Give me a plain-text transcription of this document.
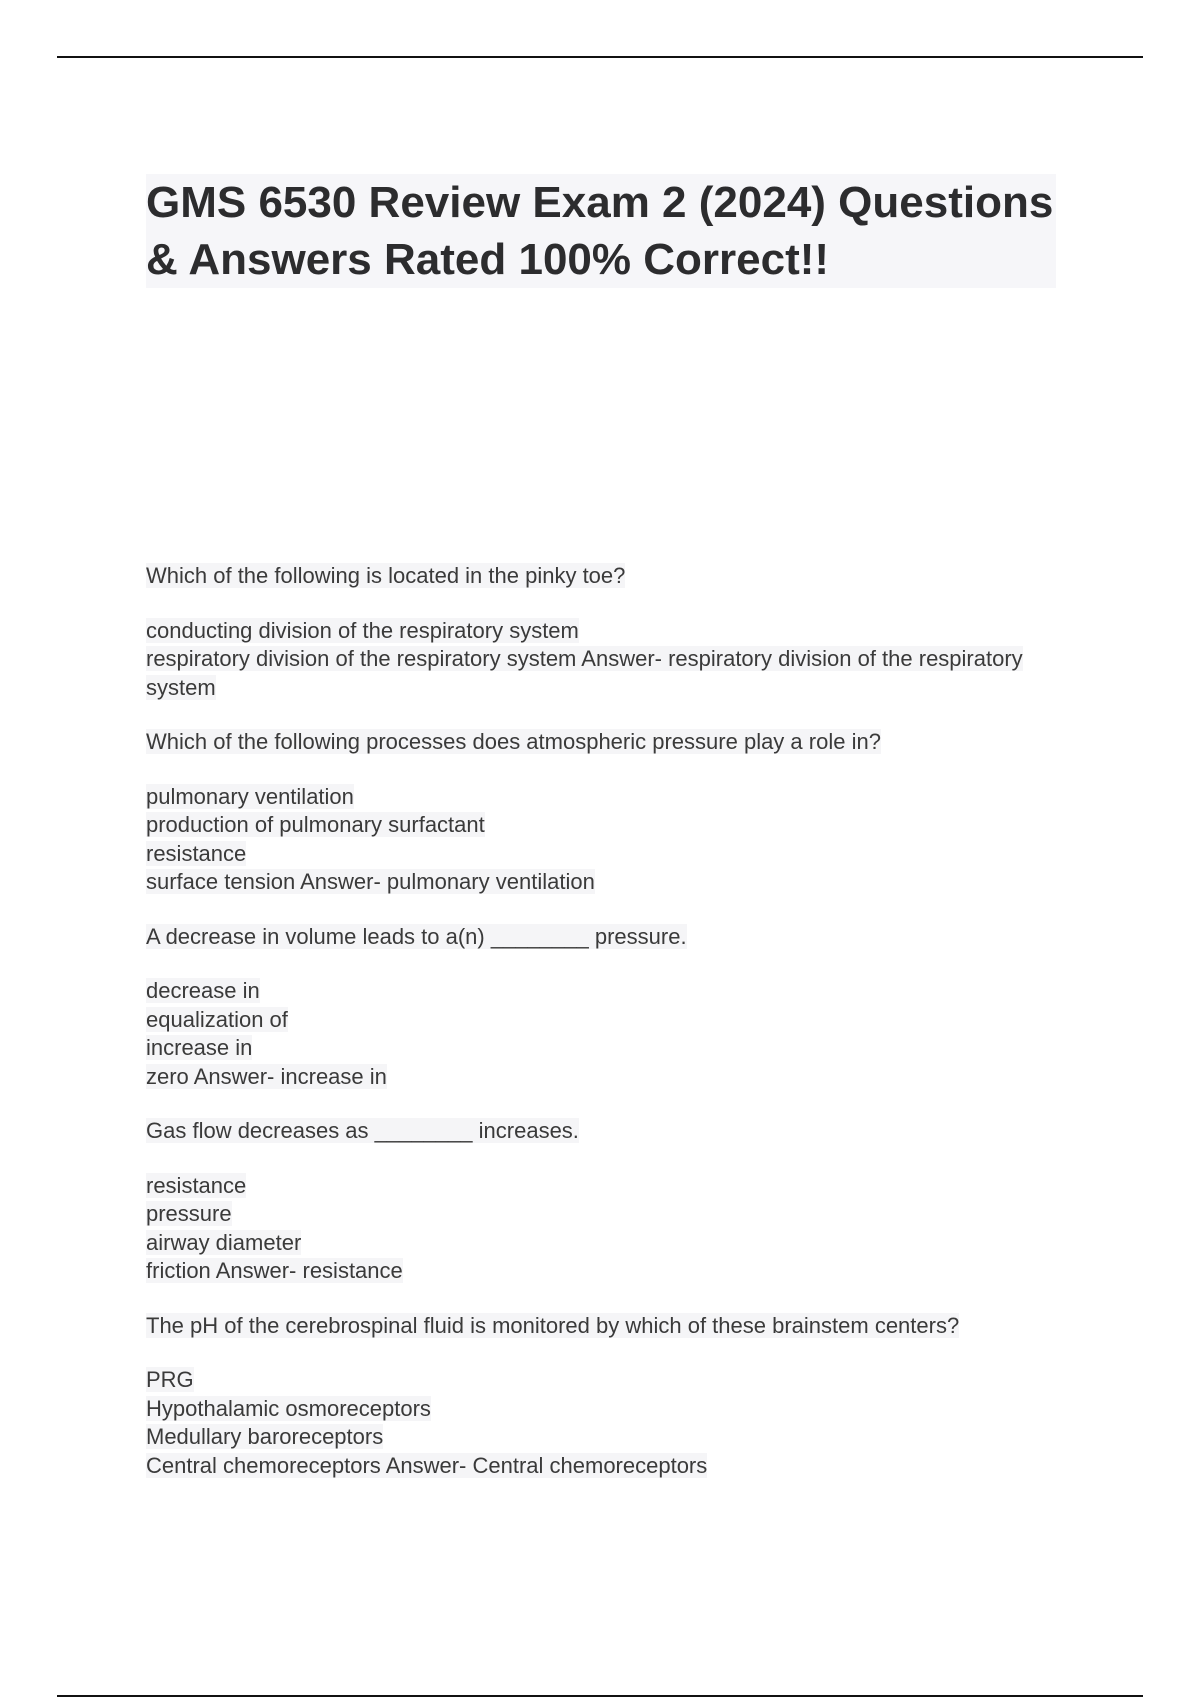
GMS 6530 Review Exam 2 (2024) Questions & Answers Rated 100% Correct!!
Which of the following is located in the pinky toe?
conducting division of the respiratory system
respiratory division of the respiratory system Answer- respiratory division of the respiratory system
Which of the following processes does atmospheric pressure play a role in?
pulmonary ventilation
production of pulmonary surfactant
resistance
surface tension Answer- pulmonary ventilation
A decrease in volume leads to a(n) ________ pressure.
decrease in
equalization of
increase in
zero Answer- increase in
Gas flow decreases as ________ increases.
resistance
pressure
airway diameter
friction Answer- resistance
The pH of the cerebrospinal fluid is monitored by which of these brainstem centers?
PRG
Hypothalamic osmoreceptors
Medullary baroreceptors
Central chemoreceptors Answer- Central chemoreceptors
